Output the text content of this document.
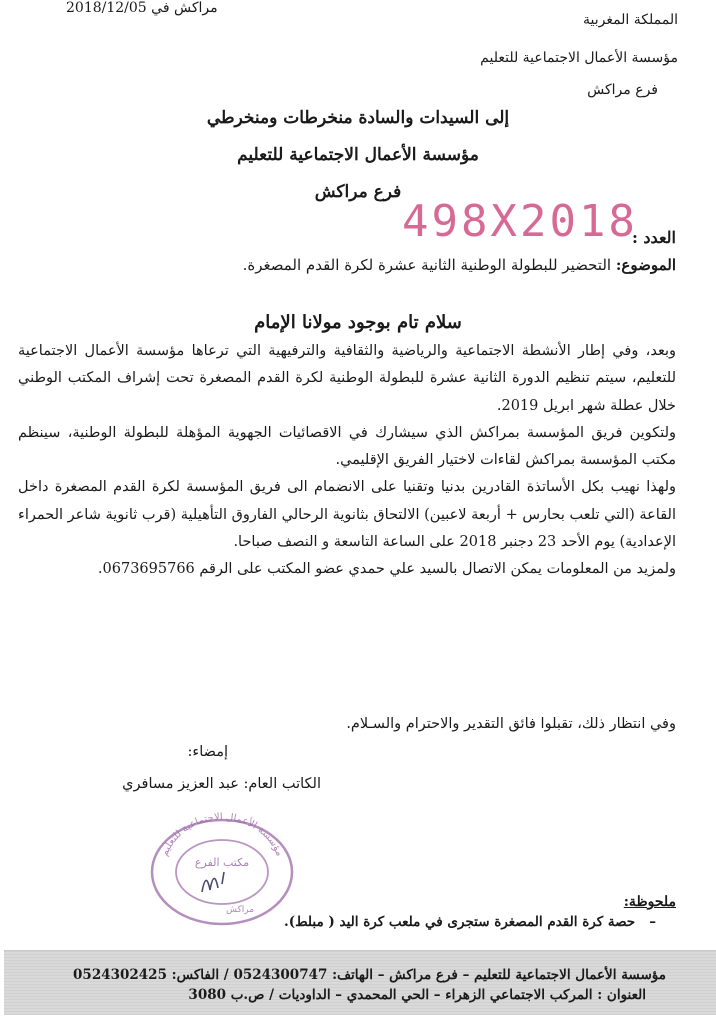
المملكة المغربية
مؤسسة الأعمال الاجتماعية للتعليم
فرع مراكش
مراكش في 2018/12/05
إلى السيدات والسادة منخرطات ومنخرطي
مؤسسة الأعمال الاجتماعية للتعليم
فرع مراكش
العدد :
498X2018
الموضوع: التحضير للبطولة الوطنية الثانية عشرة لكرة القدم المصغرة.
سلام تام بوجود مولانا الإمام

وبعد، وفي إطار الأنشطة الاجتماعية والرياضية والثقافية والترفيهية التي ترعاها مؤسسة الأعمال الاجتماعية للتعليم، سيتم تنظيم الدورة الثانية عشرة للبطولة الوطنية لكرة القدم المصغرة تحت إشراف المكتب الوطني خلال عطلة شهر ابريل 2019.

ولتكوين فريق المؤسسة بمراكش الذي سيشارك في الاقصائيات الجهوية المؤهلة للبطولة الوطنية، سينظم مكتب المؤسسة بمراكش لقاءات لاختيار الفريق الإقليمي.

ولهذا نهيب بكل الأساتذة القادرين بدنيا وتقنيا على الانضمام الى فريق المؤسسة لكرة القدم المصغرة داخل القاعة (التي تلعب بحارس + أربعة لاعبين) الالتحاق بثانوية الرحالي الفاروق التأهيلية (قرب ثانوية شاعر الحمراء الإعدادية) يوم الأحد 23 دجنبر 2018 على الساعة التاسعة و النصف صباحا.

ولمزيد من المعلومات يمكن الاتصال بالسيد علي حمدي عضو المكتب على الرقم 0673695766.

وفي انتظار ذلك، تقبلوا فائق التقدير والاحترام والسـلام.
إمضاء:
الكاتب العام: عبد العزيز مسافري
مؤسسة الأعمال الاجتماعية للتعليم
مكتب الفرع
مراكش	ملحوظة:
–   حصة كرة القدم المصغرة ستجرى في ملعب كرة اليد ( مبلط).
مؤسسة الأعمال الاجتماعية للتعليم – فرع مراكش – الهاتف: 0524300747 / الفاكس: 0524302425
العنوان : المركب الاجتماعي الزهراء – الحي المحمدي – الداوديات / ص.ب 3080
